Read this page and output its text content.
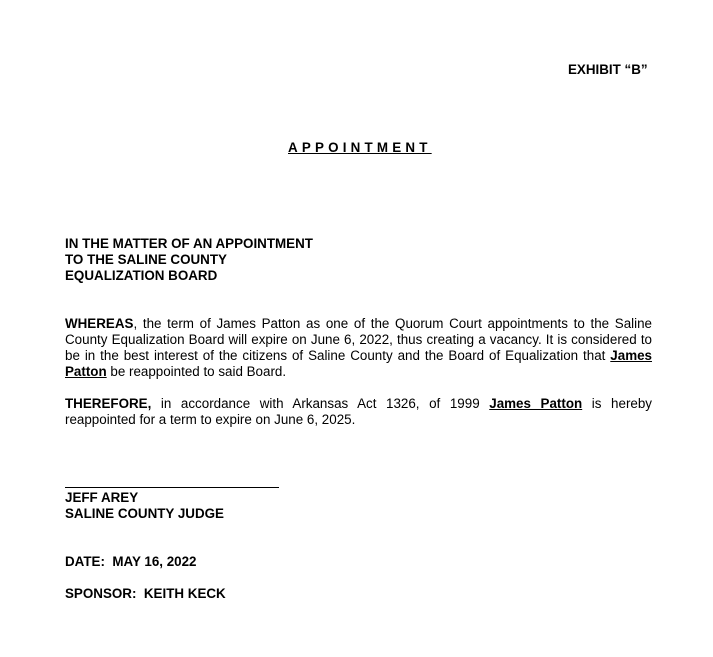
EXHIBIT “B”
APPOINTMENT
IN THE MATTER OF AN APPOINTMENT
TO THE SALINE COUNTY
EQUALIZATION BOARD
WHEREAS, the term of James Patton as one of the Quorum Court appointments to the Saline County Equalization Board will expire on June 6, 2022, thus creating a vacancy. It is considered to be in the best interest of the citizens of Saline County and the Board of Equalization that James Patton be reappointed to said Board.
THEREFORE, in accordance with Arkansas Act 1326, of 1999 James Patton is hereby reappointed for a term to expire on June 6, 2025.
JEFF AREY
SALINE COUNTY JUDGE
DATE: MAY 16, 2022
SPONSOR: KEITH KECK
